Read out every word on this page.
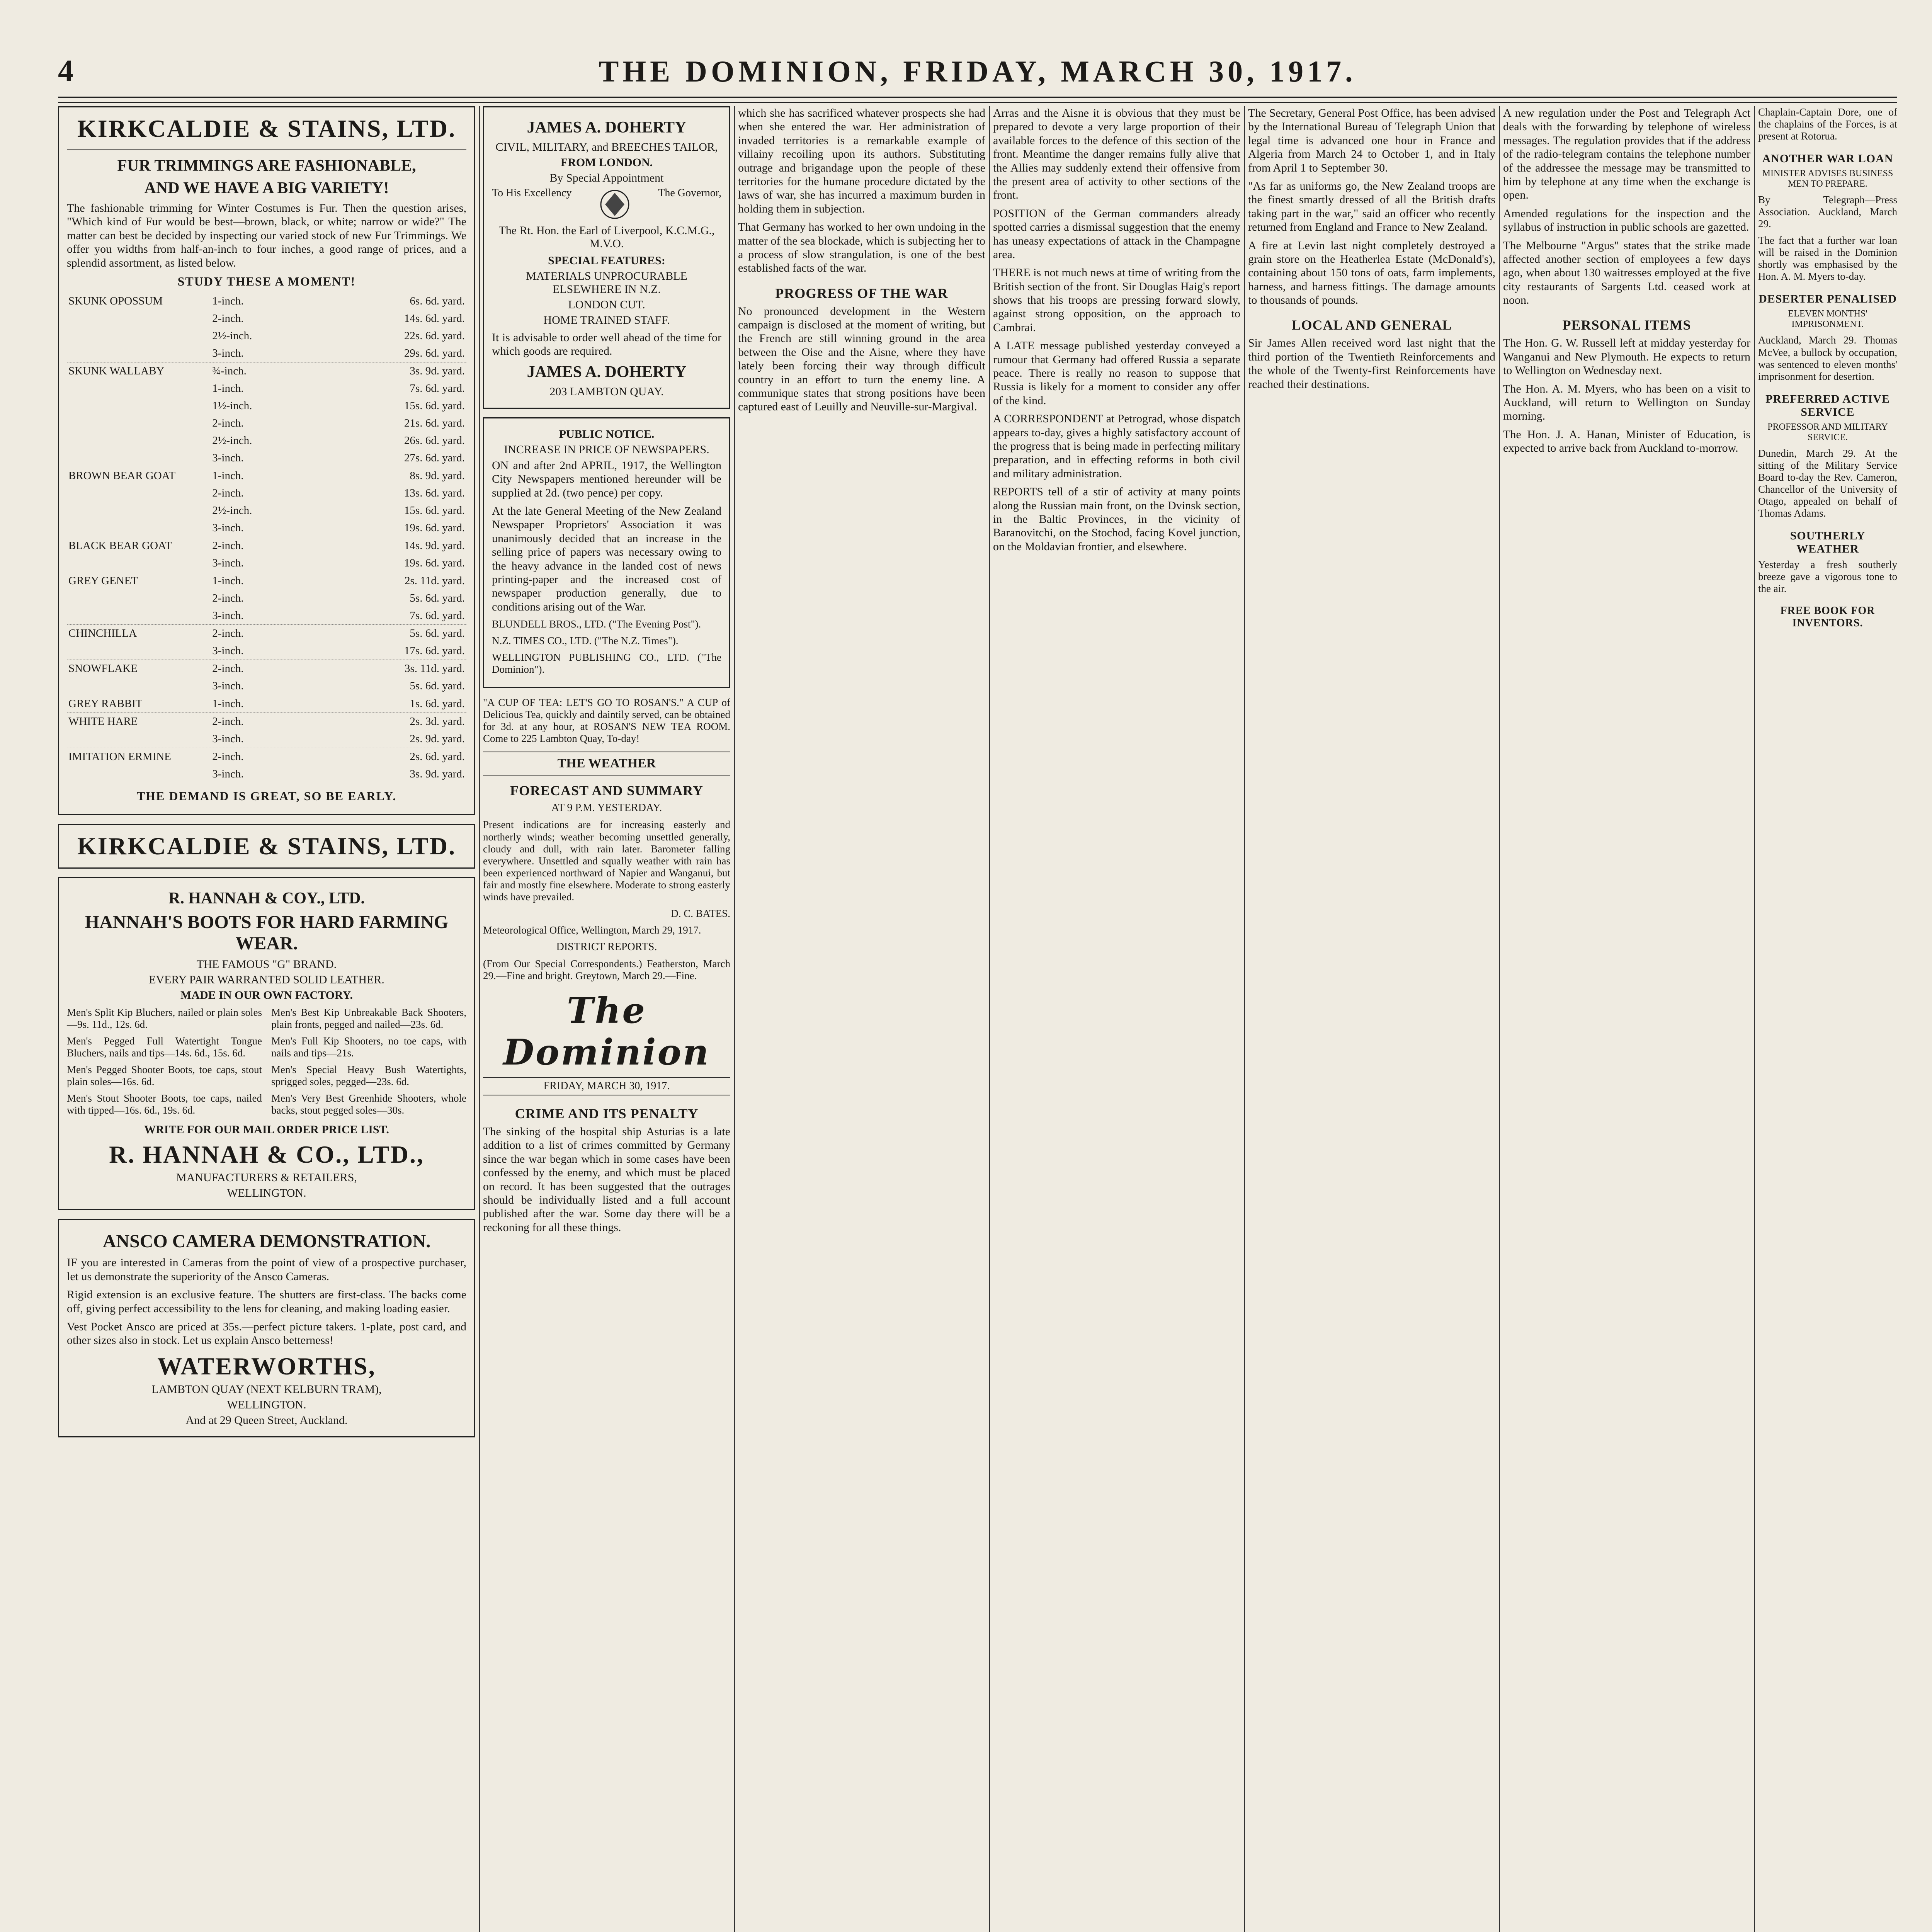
4	THE DOMINION, FRIDAY, MARCH 30, 1917.
KIRKCALDIE & STAINS, LTD.
FUR TRIMMINGS ARE FASHIONABLE,
AND WE HAVE A BIG VARIETY!

The fashionable trimming for Winter Costumes is Fur. Then the question arises, "Which kind of Fur would be best—brown, black, or white; narrow or wide?" The matter can best be decided by inspecting our varied stock of new Fur Trimmings. We offer you widths from half-an-inch to four inches, a good range of prices, and a splendid assortment, as listed below.

STUDY THESE A MOMENT!
SKUNK OPOSSUM	1-inch.	6s. 6d. yard.
	2-inch.	14s. 6d. yard.
	2½-inch.	22s. 6d. yard.
	3-inch.	29s. 6d. yard.
SKUNK WALLABY	¾-inch.	3s. 9d. yard.
	1-inch.	7s. 6d. yard.
	1½-inch.	15s. 6d. yard.
	2-inch.	21s. 6d. yard.
	2½-inch.	26s. 6d. yard.
	3-inch.	27s. 6d. yard.
BROWN BEAR GOAT	1-inch.	8s. 9d. yard.
	2-inch.	13s. 6d. yard.
	2½-inch.	15s. 6d. yard.
	3-inch.	19s. 6d. yard.
BLACK BEAR GOAT	2-inch.	14s. 9d. yard.
	3-inch.	19s. 6d. yard.
GREY GENET	1-inch.	2s. 11d. yard.
	2-inch.	5s. 6d. yard.
	3-inch.	7s. 6d. yard.
CHINCHILLA	2-inch.	5s. 6d. yard.
	3-inch.	17s. 6d. yard.
SNOWFLAKE	2-inch.	3s. 11d. yard.
	3-inch.	5s. 6d. yard.
GREY RABBIT	1-inch.	1s. 6d. yard.
WHITE HARE	2-inch.	2s. 3d. yard.
	3-inch.	2s. 9d. yard.
IMITATION ERMINE	2-inch.	2s. 6d. yard.
	3-inch.	3s. 9d. yard.
THE DEMAND IS GREAT, SO BE EARLY.
KIRKCALDIE & STAINS, LTD.
R. HANNAH & COY., LTD.
HANNAH'S BOOTS FOR HARD FARMING WEAR.
THE FAMOUS "G" BRAND.
EVERY PAIR WARRANTED SOLID LEATHER.
MADE IN OUR OWN FACTORY.

Men's Split Kip Bluchers, nailed or plain soles—9s. 11d., 12s. 6d.

Men's Pegged Full Watertight Tongue Bluchers, nails and tips—14s. 6d., 15s. 6d.

Men's Pegged Shooter Boots, toe caps, stout plain soles—16s. 6d.

Men's Stout Shooter Boots, toe caps, nailed with tipped—16s. 6d., 19s. 6d.

Men's Best Kip Unbreakable Back Shooters, plain fronts, pegged and nailed—23s. 6d.

Men's Full Kip Shooters, no toe caps, with nails and tips—21s.

Men's Special Heavy Bush Watertights, sprigged soles, pegged—23s. 6d.

Men's Very Best Greenhide Shooters, whole backs, stout pegged soles—30s.

WRITE FOR OUR MAIL ORDER PRICE LIST.
R. HANNAH & CO., LTD.,
MANUFACTURERS & RETAILERS,
WELLINGTON.
ANSCO CAMERA DEMONSTRATION.

IF you are interested in Cameras from the point of view of a prospective purchaser, let us demonstrate the superiority of the Ansco Cameras.

Rigid extension is an exclusive feature. The shutters are first-class. The backs come off, giving perfect accessibility to the lens for cleaning, and making loading easier.

Vest Pocket Ansco are priced at 35s.—perfect picture takers. 1-plate, post card, and other sizes also in stock. Let us explain Ansco betterness!

WATERWORTHS,
LAMBTON QUAY (NEXT KELBURN TRAM),
WELLINGTON.
And at 29 Queen Street, Auckland.
JAMES A. DOHERTY
CIVIL, MILITARY, and BREECHES TAILOR,
FROM LONDON.
By Special Appointment
To His Excellency	The Governor,
The Rt. Hon. the Earl of Liverpool, K.C.M.G., M.V.O.
SPECIAL FEATURES:
MATERIALS UNPROCURABLE ELSEWHERE IN N.Z.
LONDON CUT.
HOME TRAINED STAFF.

It is advisable to order well ahead of the time for which goods are required.

JAMES A. DOHERTY
203 LAMBTON QUAY.
PUBLIC NOTICE.
INCREASE IN PRICE OF NEWSPAPERS.

ON and after 2nd APRIL, 1917, the Wellington City Newspapers mentioned hereunder will be supplied at 2d. (two pence) per copy.

At the late General Meeting of the New Zealand Newspaper Proprietors' Association it was unanimously decided that an increase in the selling price of papers was necessary owing to the heavy advance in the landed cost of news printing-paper and the increased cost of newspaper production generally, due to conditions arising out of the War.

BLUNDELL BROS., LTD. ("The Evening Post").

N.Z. TIMES CO., LTD. ("The N.Z. Times").

WELLINGTON PUBLISHING CO., LTD. ("The Dominion").

"A CUP OF TEA: LET'S GO TO ROSAN'S." A CUP of Delicious Tea, quickly and daintily served, can be obtained for 3d. at any hour, at ROSAN'S NEW TEA ROOM. Come to 225 Lambton Quay, To-day!

THE WEATHER
FORECAST AND SUMMARY
AT 9 P.M. YESTERDAY.

Present indications are for increasing easterly and northerly winds; weather becoming unsettled generally, cloudy and dull, with rain later. Barometer falling everywhere. Unsettled and squally weather with rain has been experienced northward of Napier and Wanganui, but fair and mostly fine elsewhere. Moderate to strong easterly winds have prevailed.

D. C. BATES.

Meteorological Office, Wellington, March 29, 1917.

DISTRICT REPORTS.

(From Our Special Correspondents.) Featherston, March 29.—Fine and bright. Greytown, March 29.—Fine.

The Dominion
FRIDAY, MARCH 30, 1917.
CRIME AND ITS PENALTY

The sinking of the hospital ship Asturias is a late addition to a list of crimes committed by Germany since the war began which in some cases have been confessed by the enemy, and which must be placed on record. It has been suggested that the outrages should be individually listed and a full account published after the war. Some day there will be a reckoning for all these things.

which she has sacrificed whatever prospects she had when she entered the war. Her administration of invaded territories is a remarkable example of villainy recoiling upon its authors. Substituting outrage and brigandage upon the people of these territories for the humane procedure dictated by the laws of war, she has incurred a maximum burden in holding them in subjection.

That Germany has worked to her own undoing in the matter of the sea blockade, which is subjecting her to a process of slow strangulation, is one of the best established facts of the war.

PROGRESS OF THE WAR

No pronounced development in the Western campaign is disclosed at the moment of writing, but the French are still winning ground in the area between the Oise and the Aisne, where they have lately been forcing their way through difficult country in an effort to turn the enemy line. A communique states that strong positions have been captured east of Leuilly and Neuville-sur-Margival.

Arras and the Aisne it is obvious that they must be prepared to devote a very large proportion of their available forces to the defence of this section of the front. Meantime the danger remains fully alive that the Allies may suddenly extend their offensive from the present area of activity to other sections of the front.

POSITION of the German commanders already spotted carries a dismissal suggestion that the enemy has uneasy expectations of attack in the Champagne area.

THERE is not much news at time of writing from the British section of the front. Sir Douglas Haig's report shows that his troops are pressing forward slowly, against strong opposition, on the approach to Cambrai.

A LATE message published yesterday conveyed a rumour that Germany had offered Russia a separate peace. There is really no reason to suppose that Russia is likely for a moment to consider any offer of the kind.

A CORRESPONDENT at Petrograd, whose dispatch appears to-day, gives a highly satisfactory account of the progress that is being made in perfecting military preparation, and in effecting reforms in both civil and military administration.

REPORTS tell of a stir of activity at many points along the Russian main front, on the Dvinsk section, in the Baltic Provinces, in the vicinity of Baranovitchi, on the Stochod, facing Kovel junction, on the Moldavian frontier, and elsewhere.

The Secretary, General Post Office, has been advised by the International Bureau of Telegraph Union that legal time is advanced one hour in France and Algeria from March 24 to October 1, and in Italy from April 1 to September 30.

"As far as uniforms go, the New Zealand troops are the finest smartly dressed of all the British drafts taking part in the war," said an officer who recently returned from England and France to New Zealand.

A fire at Levin last night completely destroyed a grain store on the Heatherlea Estate (McDonald's), containing about 150 tons of oats, farm implements, harness, and harness fittings. The damage amounts to thousands of pounds.

LOCAL AND GENERAL

Sir James Allen received word last night that the third portion of the Twentieth Reinforcements and the whole of the Twenty-first Reinforcements have reached their destinations.

A new regulation under the Post and Telegraph Act deals with the forwarding by telephone of wireless messages. The regulation provides that if the address of the radio-telegram contains the telephone number of the addressee the message may be transmitted to him by telephone at any time when the exchange is open.

Amended regulations for the inspection and the syllabus of instruction in public schools are gazetted.

The Melbourne "Argus" states that the strike made affected another section of employees a few days ago, when about 130 waitresses employed at the five city restaurants of Sargents Ltd. ceased work at noon.

PERSONAL ITEMS

The Hon. G. W. Russell left at midday yesterday for Wanganui and New Plymouth. He expects to return to Wellington on Wednesday next.

The Hon. A. M. Myers, who has been on a visit to Auckland, will return to Wellington on Sunday morning.

The Hon. J. A. Hanan, Minister of Education, is expected to arrive back from Auckland to-morrow.

Chaplain-Captain Dore, one of the chaplains of the Forces, is at present at Rotorua.

ANOTHER WAR LOAN
MINISTER ADVISES BUSINESS MEN TO PREPARE.

By Telegraph—Press Association. Auckland, March 29.

The fact that a further war loan will be raised in the Dominion shortly was emphasised by the Hon. A. M. Myers to-day.

DESERTER PENALISED
ELEVEN MONTHS' IMPRISONMENT.

Auckland, March 29. Thomas McVee, a bullock by occupation, was sentenced to eleven months' imprisonment for desertion.

PREFERRED ACTIVE SERVICE
PROFESSOR AND MILITARY SERVICE.

Dunedin, March 29. At the sitting of the Military Service Board to-day the Rev. Cameron, Chancellor of the University of Otago, appealed on behalf of Thomas Adams.

SOUTHERLY WEATHER

Yesterday a fresh southerly breeze gave a vigorous tone to the air.

FREE BOOK FOR INVENTORS.
